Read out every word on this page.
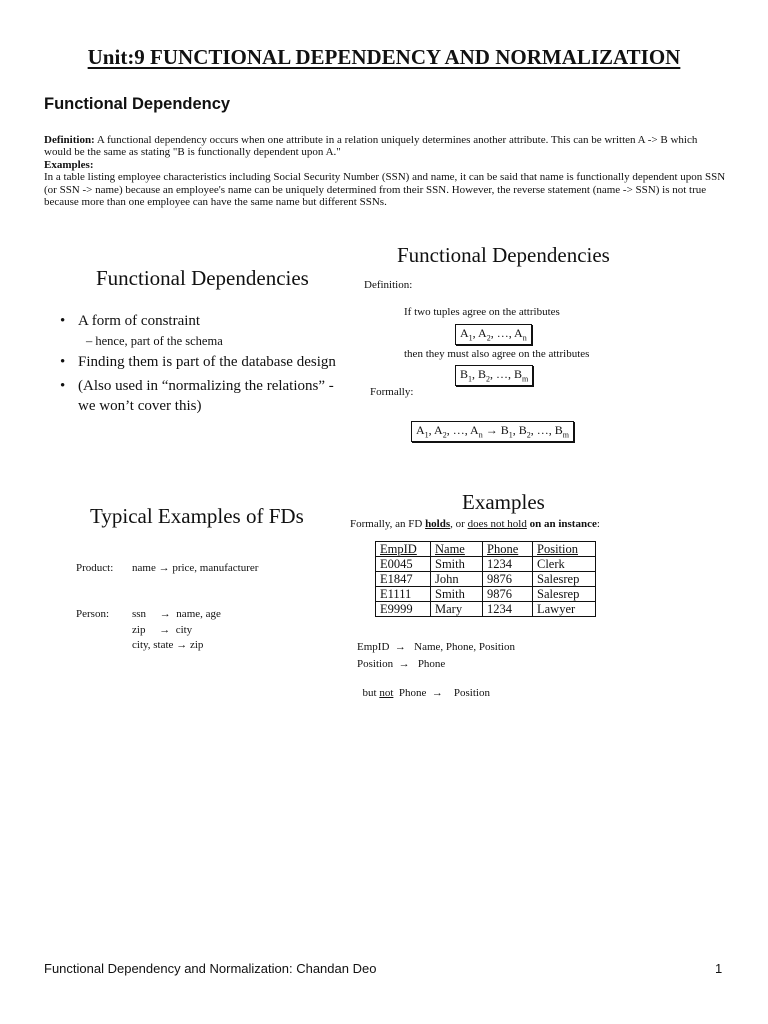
Unit:9 FUNCTIONAL DEPENDENCY AND NORMALIZATION
Functional Dependency

Definition: A functional dependency occurs when one attribute in a relation uniquely determines another attribute. This can be written A -> B which would be the same as stating "B is functionally dependent upon A."

Examples:

In a table listing employee characteristics including Social Security Number (SSN) and name, it can be said that name is functionally dependent upon SSN (or SSN -> name) because an employee's name can be uniquely determined from their SSN. However, the reverse statement (name -> SSN) is not true because more than one employee can have the same name but different SSNs.

Functional Dependencies
• A form of constraint
– hence, part of the schema
• Finding them is part of the database design
• (Also used in “normalizing the relations” -
we won’t cover this)
Functional Dependencies
Definition:
If two tuples agree on the attributes
$A_1$, $A_2$, …, $A_n$
then they must also agree on the attributes
$B_1$, $B_2$, …, $B_m$
Formally:
$A_1$, $A_2$, …, $A_n \to B_1$, $B_2$, …, $B_m$
Typical Examples of FDs
Product: name → price, manufacturer
Person: ssn     →  name, age
zip     →  city
city, state → zip
Examples
Formally, an FD holds, or does not hold on an instance:
EmpID	Name	Phone	Position
E0045	Smith	1234	Clerk
E1847	John	9876	Salesrep
E1111	Smith	9876	Salesrep
E9999	Mary	1234	Lawyer
EmpID  →   Name, Phone, Position
Position  →   Phone

but not  Phone  →    Position

Functional Dependency and Normalization: Chandan Deo	1
